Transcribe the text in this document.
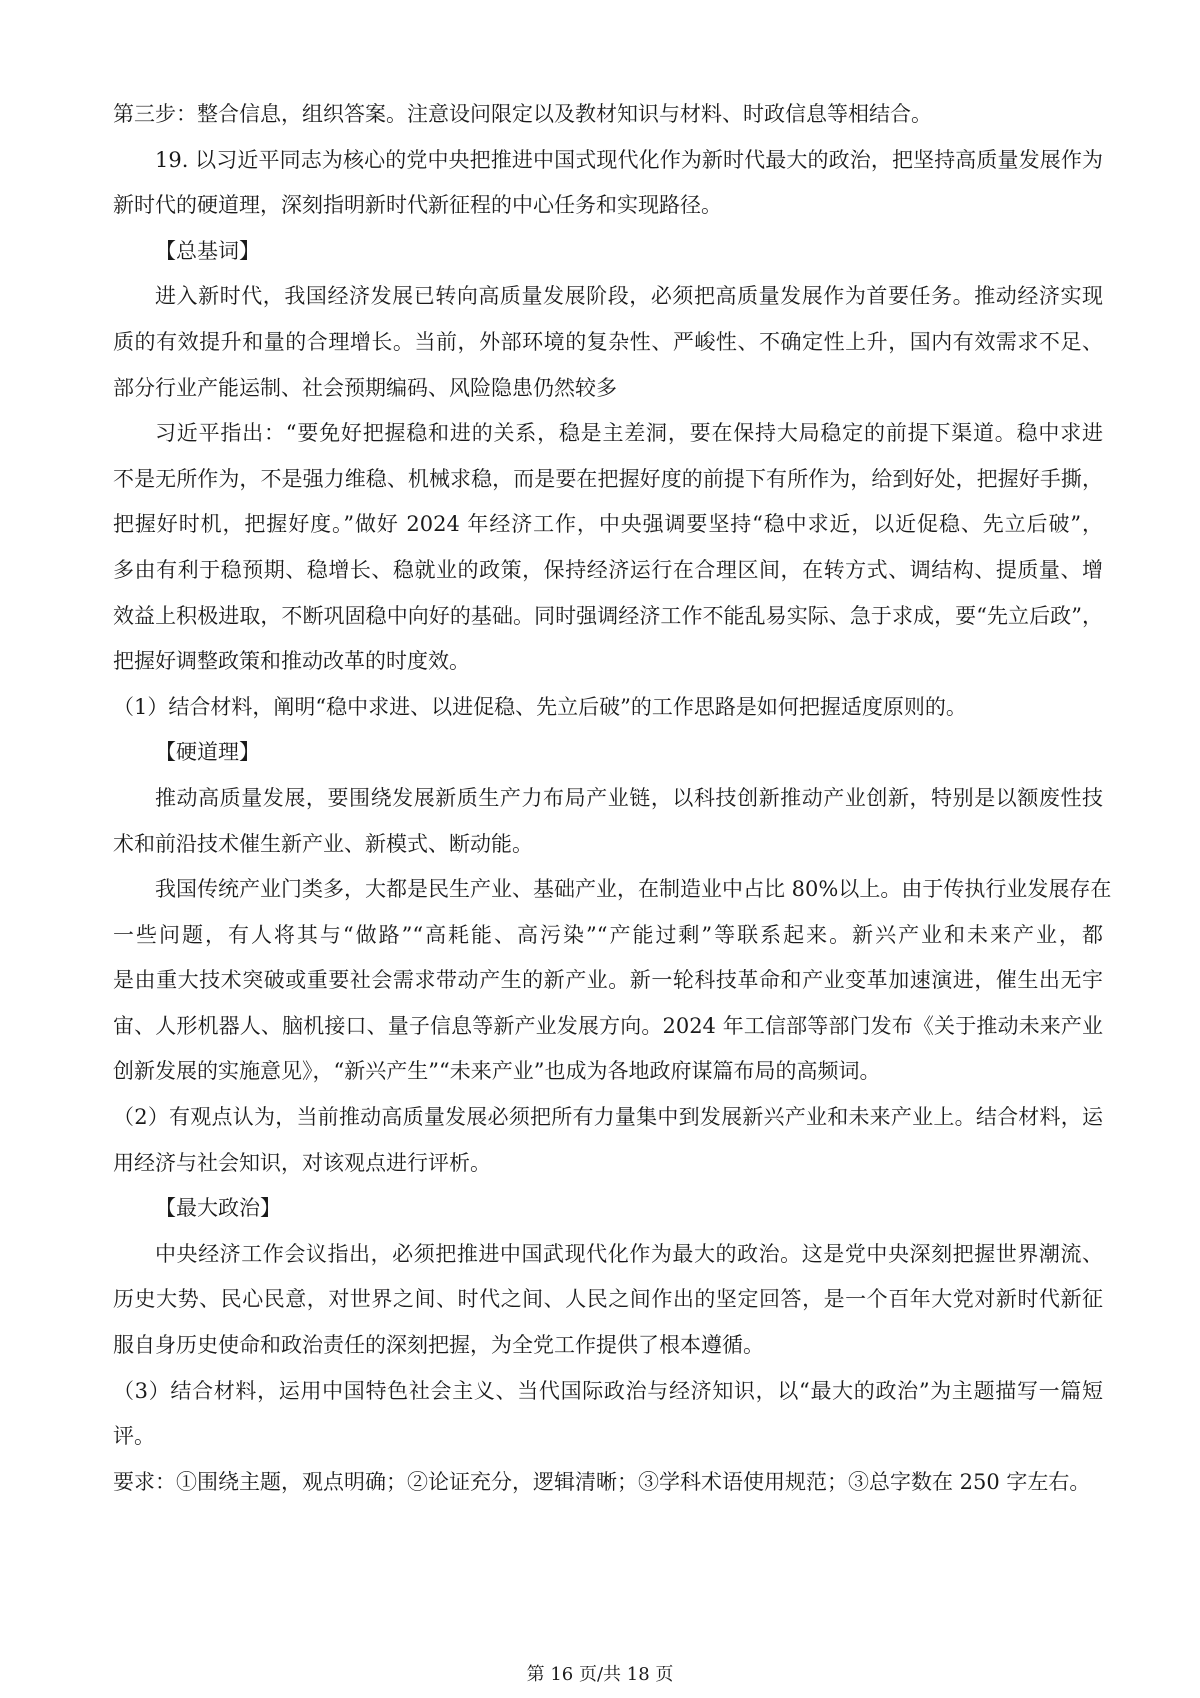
第三步：整合信息，组织答案。注意设问限定以及教材知识与材料、时政信息等相结合。

19. 以习近平同志为核心的党中央把推进中国式现代化作为新时代最大的政治，把坚持高质量发展作为

新时代的硬道理，深刻指明新时代新征程的中心任务和实现路径。

【总基词】

进入新时代，我国经济发展已转向高质量发展阶段，必须把高质量发展作为首要任务。推动经济实现

质的有效提升和量的合理增长。当前，外部环境的复杂性、严峻性、不确定性上升，国内有效需求不足、

部分行业产能运制、社会预期编码、风险隐患仍然较多

习近平指出：“要免好把握稳和进的关系，稳是主差洞，要在保持大局稳定的前提下渠道。稳中求进

不是无所作为，不是强力维稳、机械求稳，而是要在把握好度的前提下有所作为，给到好处，把握好手撕，

把握好时机，把握好度。”做好 2024 年经济工作，中央强调要坚持“稳中求近，以近促稳、先立后破”，

多由有利于稳预期、稳增长、稳就业的政策，保持经济运行在合理区间，在转方式、调结构、提质量、增

效益上积极进取，不断巩固稳中向好的基础。同时强调经济工作不能乱易实际、急于求成，要“先立后政”，

把握好调整政策和推动改革的时度效。

（1）结合材料，阐明“稳中求进、以进促稳、先立后破”的工作思路是如何把握适度原则的。

【硬道理】

推动高质量发展，要围绕发展新质生产力布局产业链，以科技创新推动产业创新，特别是以额废性技

术和前沿技术催生新产业、新模式、断动能。

我国传统产业门类多，大都是民生产业、基础产业，在制造业中占比 80%以上。由于传执行业发展存在

一些问题，有人将其与“做路”“高耗能、高污染”“产能过剩”等联系起来。新兴产业和未来产业，都

是由重大技术突破或重要社会需求带动产生的新产业。新一轮科技革命和产业变革加速演进，催生出无宇

宙、人形机器人、脑机接口、量子信息等新产业发展方向。2024 年工信部等部门发布《关于推动未来产业

创新发展的实施意见》，“新兴产生”“未来产业”也成为各地政府谋篇布局的高频词。

（2）有观点认为，当前推动高质量发展必须把所有力量集中到发展新兴产业和未来产业上。结合材料，运

用经济与社会知识，对该观点进行评析。

【最大政治】

中央经济工作会议指出，必须把推进中国武现代化作为最大的政治。这是党中央深刻把握世界潮流、

历史大势、民心民意，对世界之间、时代之间、人民之间作出的坚定回答，是一个百年大党对新时代新征

服自身历史使命和政治责任的深刻把握，为全党工作提供了根本遵循。

（3）结合材料，运用中国特色社会主义、当代国际政治与经济知识，以“最大的政治”为主题描写一篇短

评。

要求：①围绕主题，观点明确；②论证充分，逻辑清晰；③学科术语使用规范；③总字数在 250 字左右。

第 16 页/共 18 页
